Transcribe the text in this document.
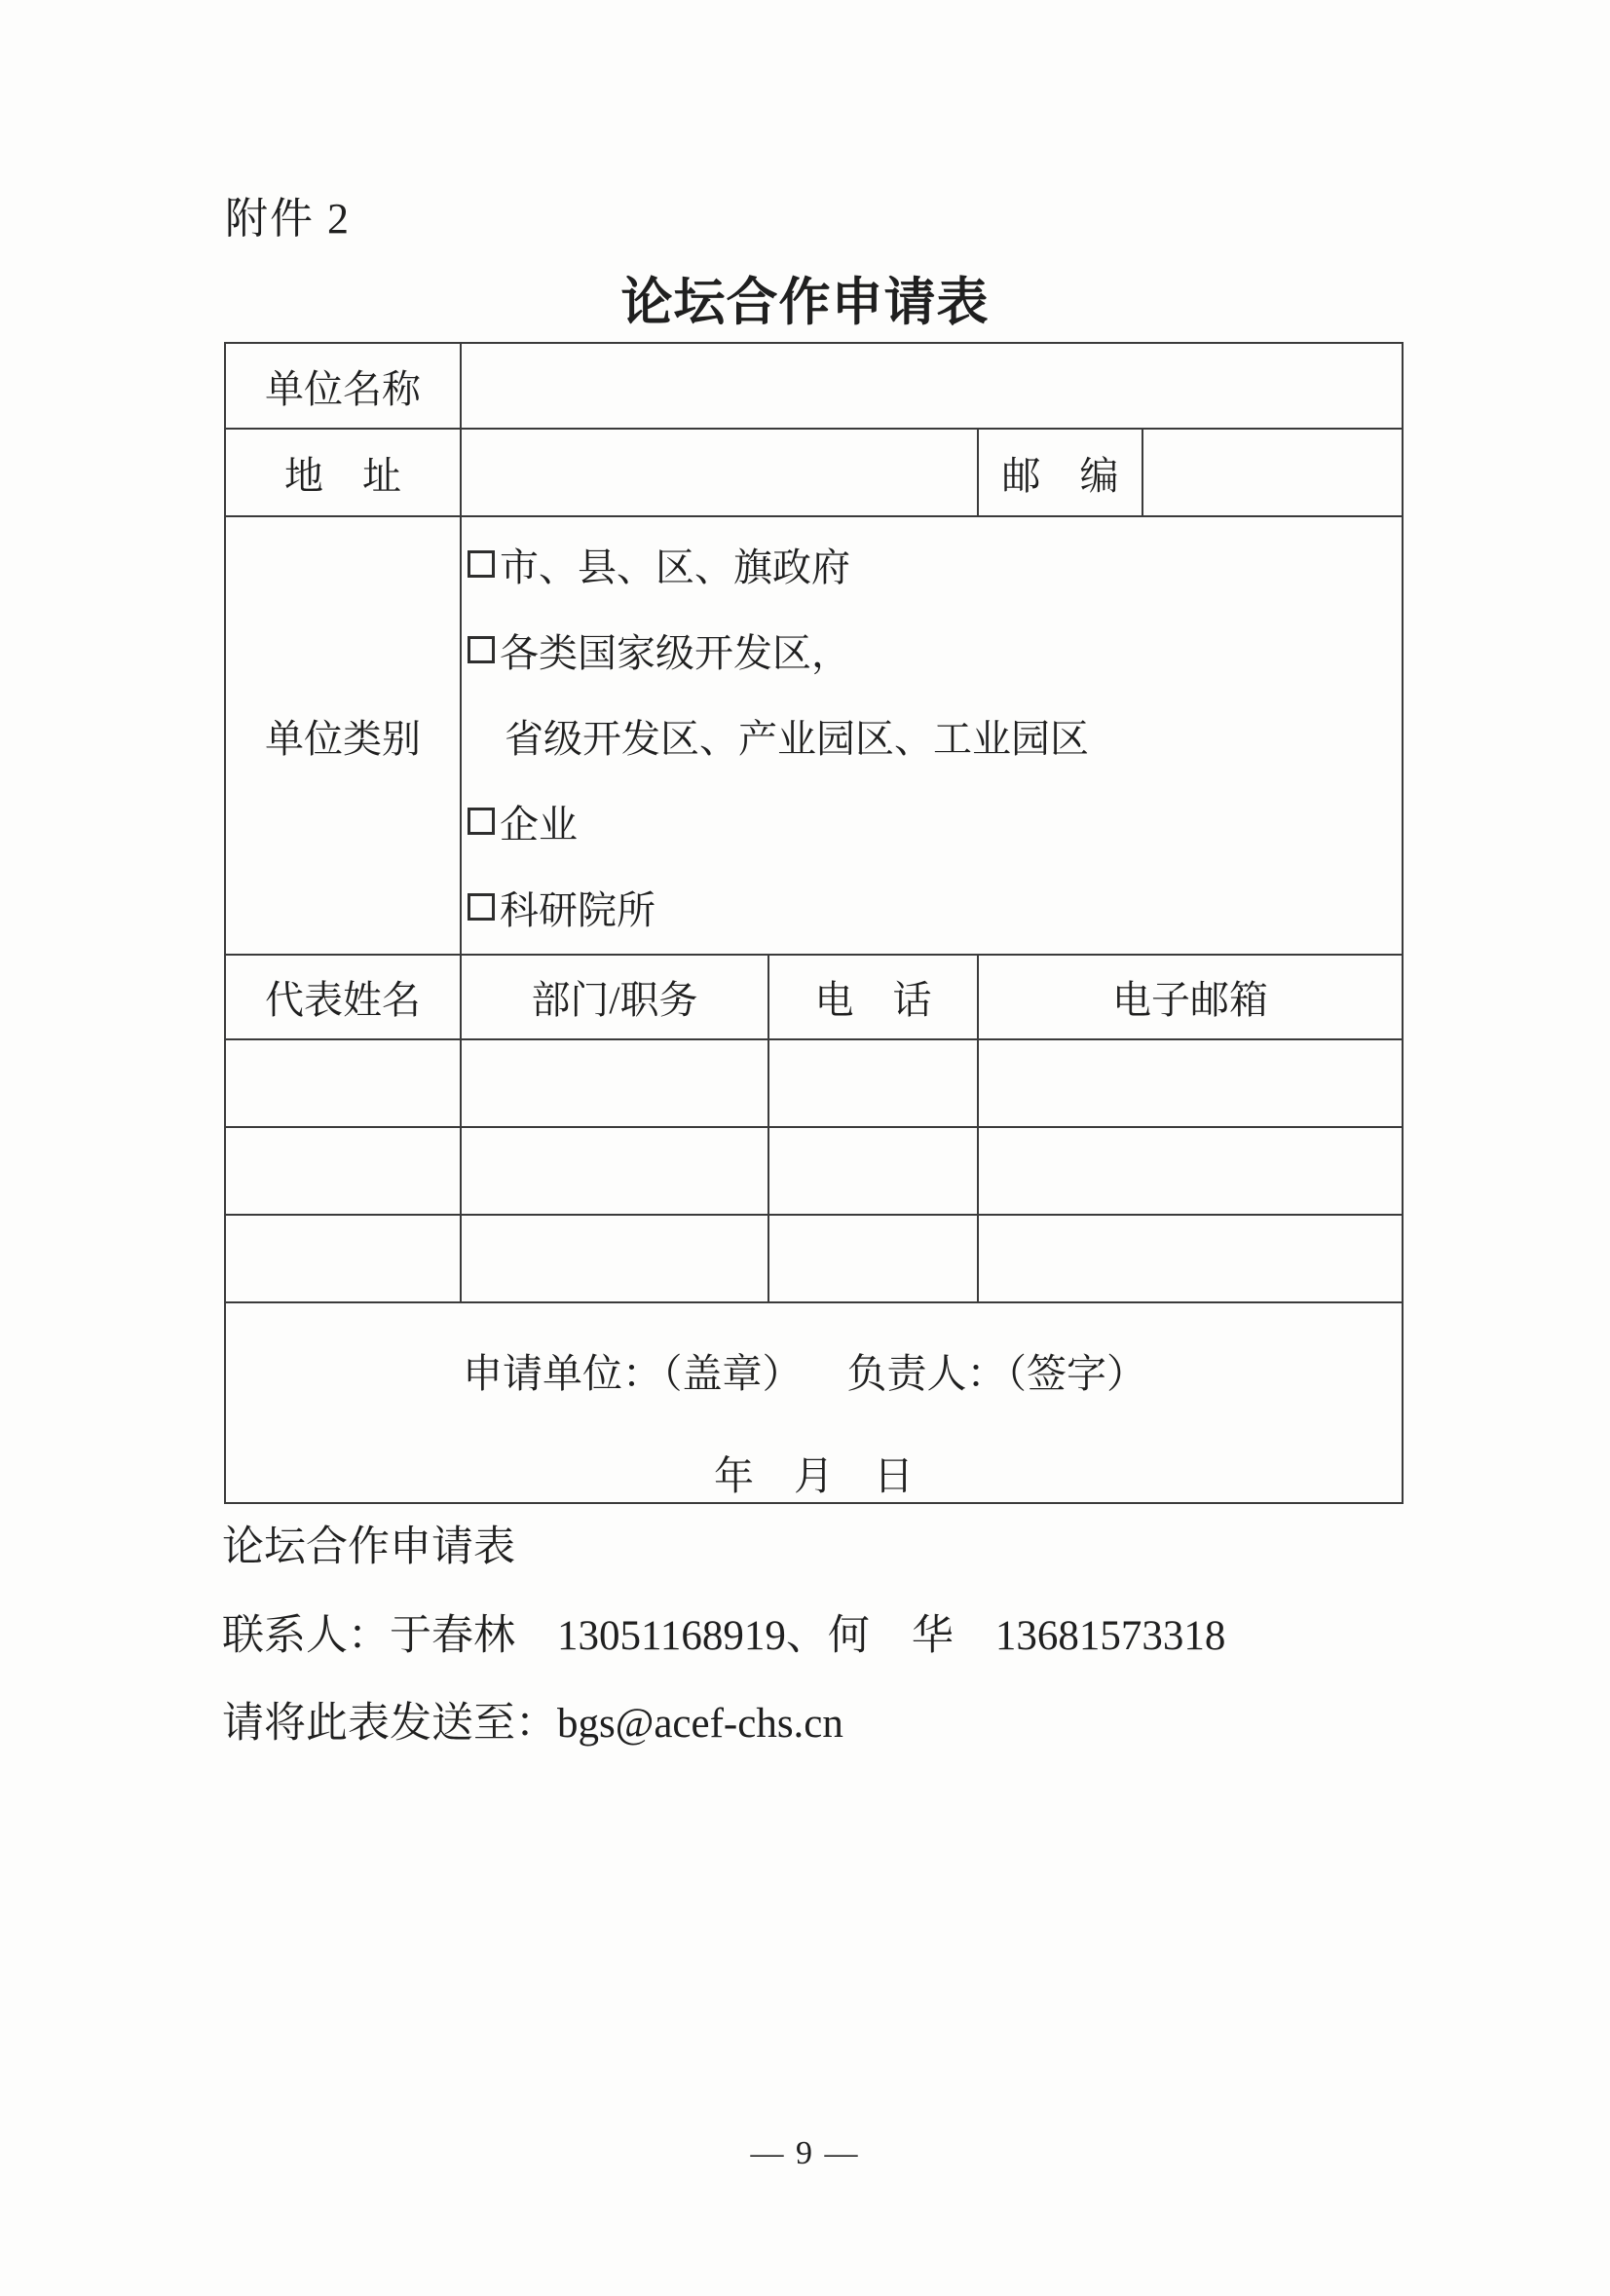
附件 2
论坛合作申请表
单位名称				
地　址			邮　编	
单位类别	市、县、区、旗政府
各类国家级开发区，
省级开发区、产业园区、工业园区
企业
科研院所			

代表姓名	部门/职务	电　话	电子邮箱	

申请单位：（盖章） 负责人：（签字）
年　月　日				
论坛合作申请表
联系人：于春林　13051168919、何　华　13681573318
请将此表发送至：bgs@acef-chs.cn
— 9 —
